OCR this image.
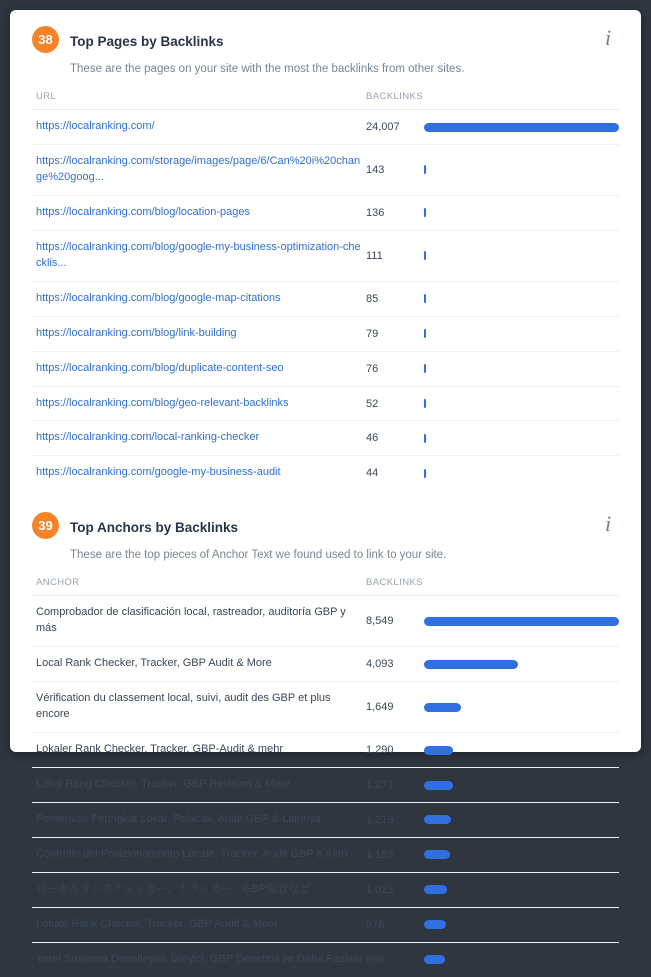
38	Top Pages by Backlinks

These are the pages on your site with the most the backlinks from other sites.

i
URL	BACKLINKS	
https://localranking.com/	24,007	

https://localranking.com/storage/images/page/6/Can%20i%20change%20goog...	143	

https://localranking.com/blog/location-pages	136	

https://localranking.com/blog/google-my-business-optimization-checklis...	111	

https://localranking.com/blog/google-map-citations	85	

https://localranking.com/blog/link-building	79	

https://localranking.com/blog/duplicate-content-seo	76	

https://localranking.com/blog/geo-relevant-backlinks	52	

https://localranking.com/local-ranking-checker	46	

https://localranking.com/google-my-business-audit	44	
39	Top Anchors by Backlinks

These are the top pieces of Anchor Text we found used to link to your site.

i
ANCHOR	BACKLINKS	
Comprobador de clasificación local, rastreador, auditoría GBP y más	8,549	

Local Rank Checker, Tracker, GBP Audit & More	4,093	

Vérification du classement local, suivi, audit des GBP et plus encore	1,649	

Lokaler Rank Checker, Tracker, GBP-Audit & mehr	1,290	

Lokal Rang Checker, Tracker, GBP Revision & Mere	1,271	

Pemeriksa Peringkat Lokal, Pelacak, Audit GBP & Lainnya	1,219	

Controllo del Posizionamento Locale, Tracker, Audit GBP e Altro	1,153	

ローカルランクチェッカー、トラッカー、GBP監査など	1,023	

Lokale Rank Checker, Tracker, GBP Audit & Meer	976	

Yerel Sıralama Denetleyici, İzleyici, GBP Denetimi ve Daha Fazlası	968	
